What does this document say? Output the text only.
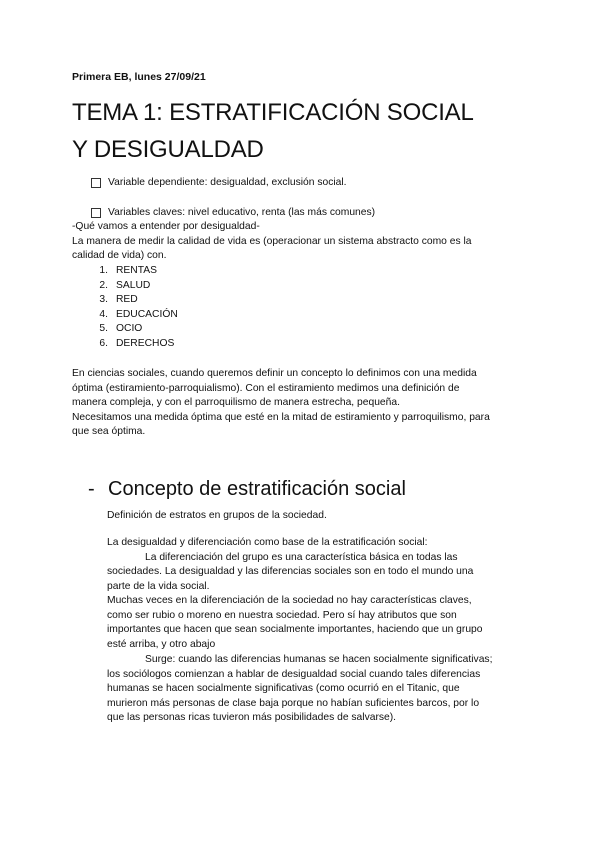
Primera EB, lunes 27/09/21
TEMA 1: ESTRATIFICACIÓN SOCIAL
Y DESIGUALDAD
Variable dependiente: desigualdad, exclusión social.
Variables claves: nivel educativo, renta (las más comunes)
-Qué vamos a entender por desigualdad-
La manera de medir la calidad de vida es (operacionar un sistema abstracto como es la
calidad de vida) con.
1. RENTAS
2. SALUD
3. RED
4. EDUCACIÓN
5. OCIO
6. DERECHOS
En ciencias sociales, cuando queremos definir un concepto lo definimos con una medida
óptima (estiramiento-parroquialismo). Con el estiramiento medimos una definición de
manera compleja, y con el parroquilismo de manera estrecha, pequeña.
Necesitamos una medida óptima que esté en la mitad de estiramiento y parroquilismo, para
que sea óptima.
- Concepto de estratificación social
Definición de estratos en grupos de la sociedad.
La desigualdad y diferenciación como base de la estratificación social:
La diferenciación del grupo es una característica básica en todas las
sociedades. La desigualdad y las diferencias sociales son en todo el mundo una
parte de la vida social.
Muchas veces en la diferenciación de la sociedad no hay características claves,
como ser rubio o moreno en nuestra sociedad. Pero sí hay atributos que son
importantes que hacen que sean socialmente importantes, haciendo que un grupo
esté arriba, y otro abajo
Surge: cuando las diferencias humanas se hacen socialmente significativas;
los sociólogos comienzan a hablar de desigualdad social cuando tales diferencias
humanas se hacen socialmente significativas (como ocurrió en el Titanic, que
murieron más personas de clase baja porque no habían suficientes barcos, por lo
que las personas ricas tuvieron más posibilidades de salvarse).
